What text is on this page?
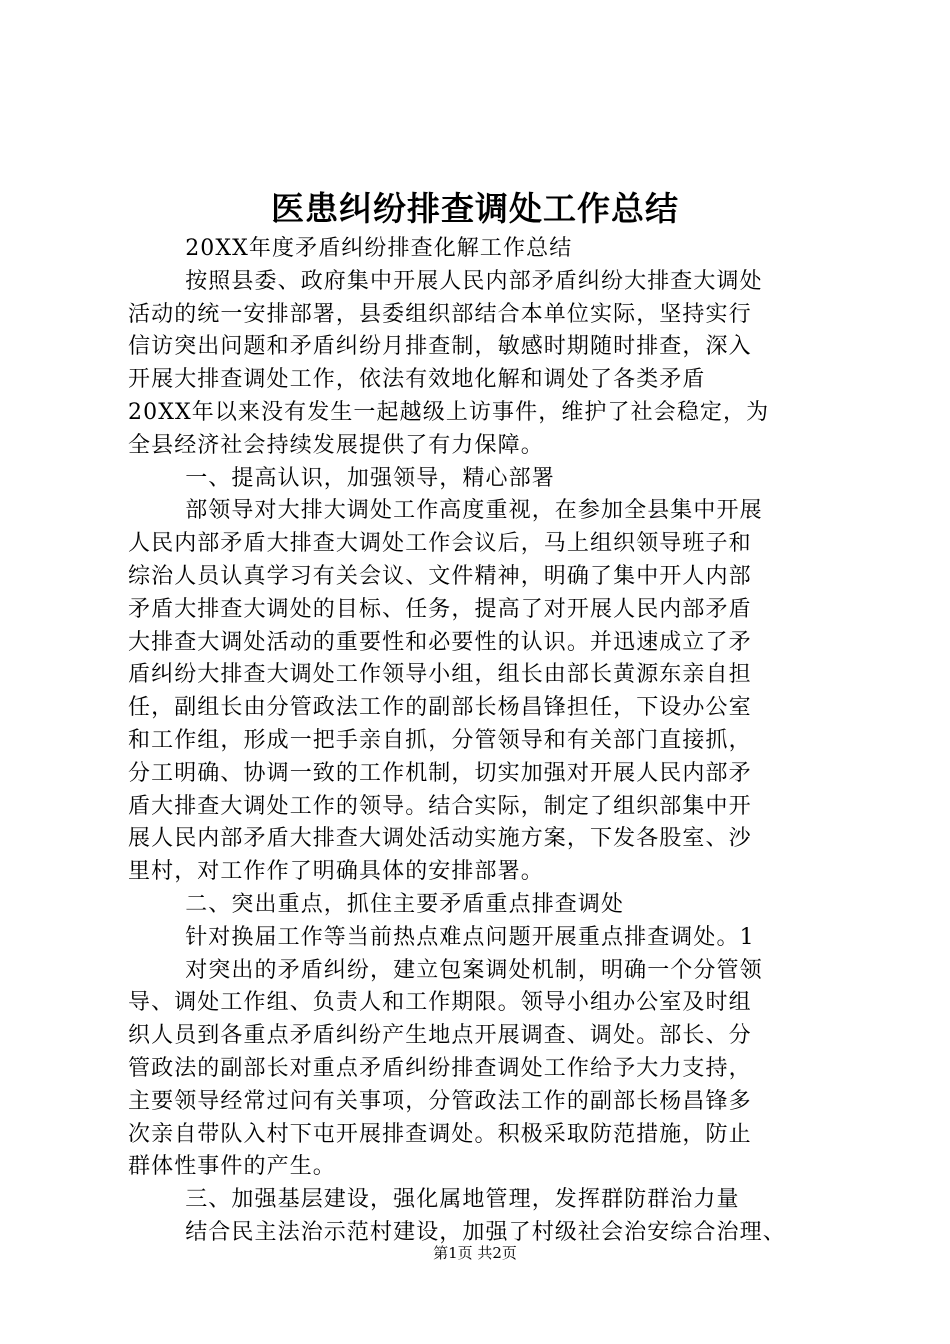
医患纠纷排查调处工作总结

20XX年度矛盾纠纷排查化解工作总结

按照县委、政府集中开展人民内部矛盾纠纷大排查大调处

活动的统一安排部署，县委组织部结合本单位实际，坚持实行

信访突出问题和矛盾纠纷月排查制，敏感时期随时排查，深入

开展大排查调处工作，依法有效地化解和调处了各类矛盾

20XX年以来没有发生一起越级上访事件，维护了社会稳定，为

全县经济社会持续发展提供了有力保障。

一、提高认识，加强领导，精心部署

部领导对大排大调处工作高度重视，在参加全县集中开展

人民内部矛盾大排查大调处工作会议后，马上组织领导班子和

综治人员认真学习有关会议、文件精神，明确了集中开人内部

矛盾大排查大调处的目标、任务，提高了对开展人民内部矛盾

大排查大调处活动的重要性和必要性的认识。并迅速成立了矛

盾纠纷大排查大调处工作领导小组，组长由部长黄源东亲自担

任，副组长由分管政法工作的副部长杨昌锋担任，下设办公室

和工作组，形成一把手亲自抓，分管领导和有关部门直接抓，

分工明确、协调一致的工作机制，切实加强对开展人民内部矛

盾大排查大调处工作的领导。结合实际，制定了组织部集中开

展人民内部矛盾大排查大调处活动实施方案，下发各股室、沙

里村，对工作作了明确具体的安排部署。

二、突出重点，抓住主要矛盾重点排查调处

针对换届工作等当前热点难点问题开展重点排查调处。1

对突出的矛盾纠纷，建立包案调处机制，明确一个分管领

导、调处工作组、负责人和工作期限。领导小组办公室及时组

织人员到各重点矛盾纠纷产生地点开展调查、调处。部长、分

管政法的副部长对重点矛盾纠纷排查调处工作给予大力支持，

主要领导经常过问有关事项，分管政法工作的副部长杨昌锋多

次亲自带队入村下屯开展排查调处。积极采取防范措施，防止

群体性事件的产生。

三、加强基层建设，强化属地管理，发挥群防群治力量

结合民主法治示范村建设，加强了村级社会治安综合治理、

第1页 共2页
